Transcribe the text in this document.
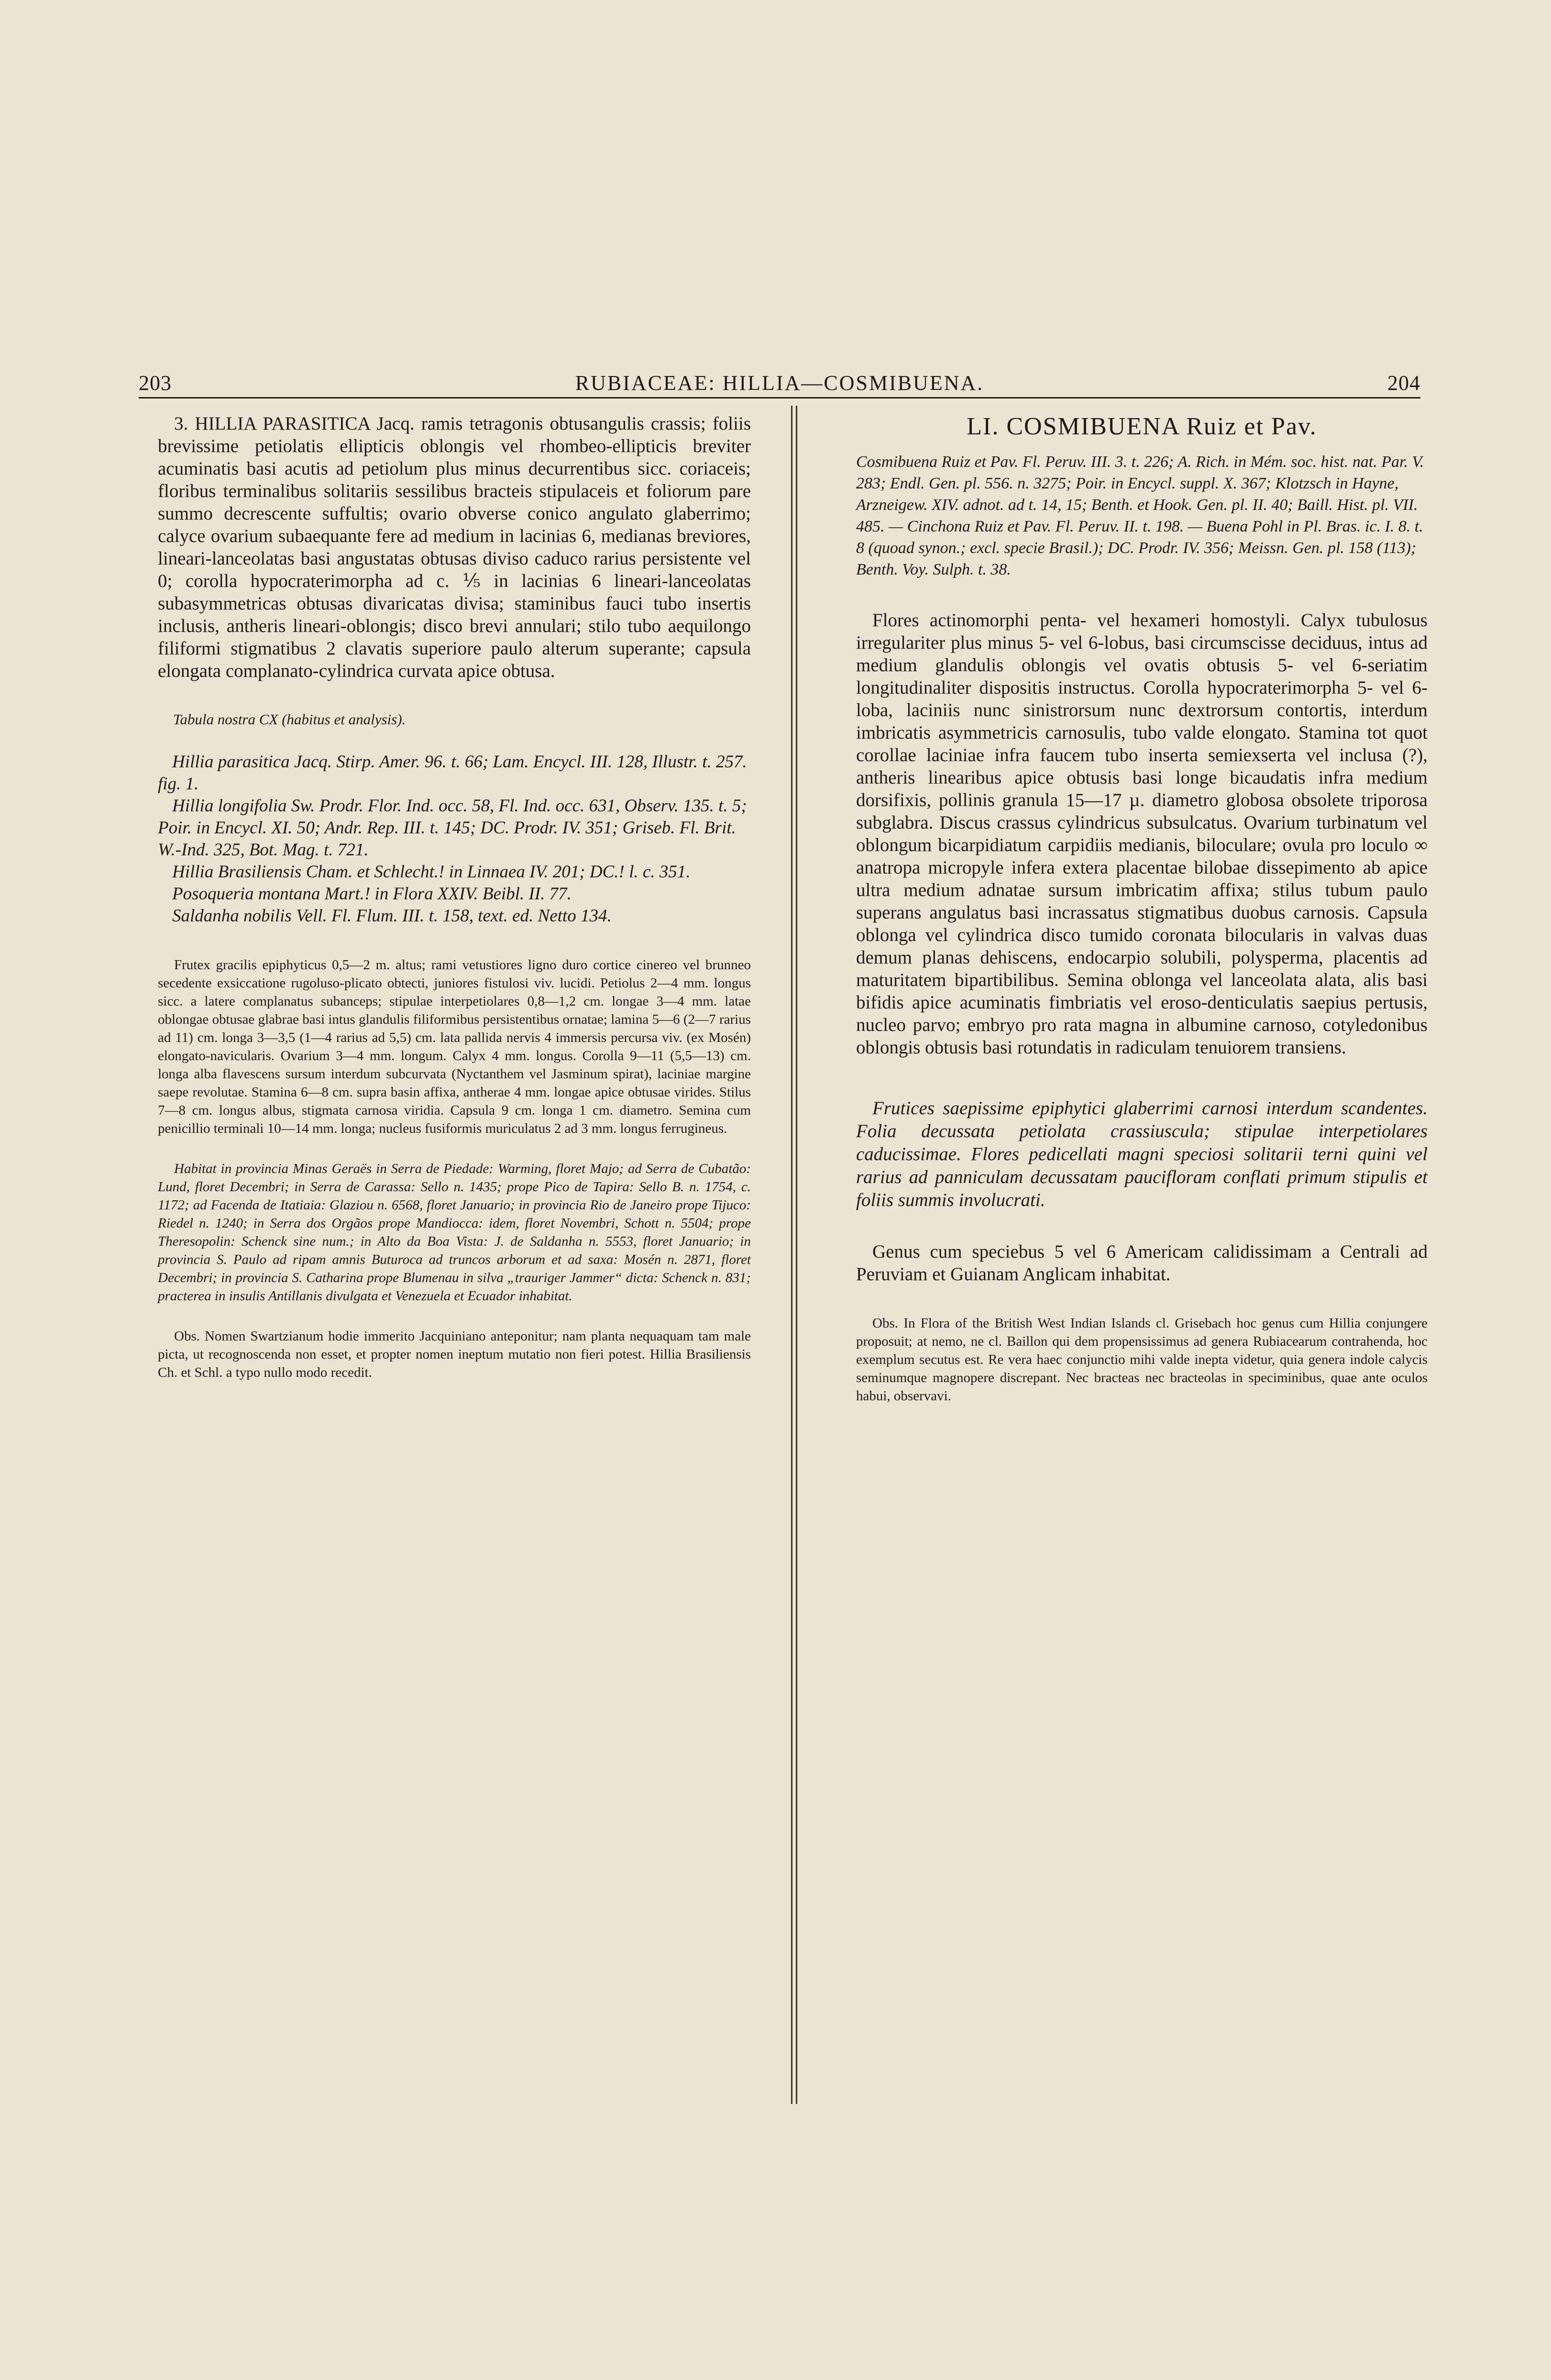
203	RUBIACEAE: HILLIA—COSMIBUENA.	204

3. HILLIA PARASITICA Jacq. ramis tetragonis obtusangulis crassis; foliis brevissime petiolatis ellipticis oblongis vel rhombeo-ellipticis breviter acuminatis basi acutis ad petiolum plus minus decurrentibus sicc. coriaceis; floribus terminalibus solitariis sessilibus bracteis stipulaceis et foliorum pare summo decrescente suffultis; ovario obverse conico angulato glaberrimo; calyce ovarium subaequante fere ad medium in lacinias 6, medianas breviores, lineari-lanceolatas basi angustatas obtusas diviso caduco rarius persistente vel 0; corolla hypocraterimorpha ad c. ⅕ in lacinias 6 lineari-lanceolatas subasymmetricas obtusas divaricatas divisa; staminibus fauci tubo insertis inclusis, antheris lineari-oblongis; disco brevi annulari; stilo tubo aequilongo filiformi stigmatibus 2 clavatis superiore paulo alterum superante; capsula elongata complanato-cylindrica curvata apice obtusa.

Tabula nostra CX (habitus et analysis).

Hillia parasitica Jacq. Stirp. Amer. 96. t. 66; Lam. Encycl. III. 128, Illustr. t. 257. fig. 1.

Hillia longifolia Sw. Prodr. Flor. Ind. occ. 58, Fl. Ind. occ. 631, Observ. 135. t. 5; Poir. in Encycl. XI. 50; Andr. Rep. III. t. 145; DC. Prodr. IV. 351; Griseb. Fl. Brit. W.-Ind. 325, Bot. Mag. t. 721.

Hillia Brasiliensis Cham. et Schlecht.! in Linnaea IV. 201; DC.! l. c. 351.

Posoqueria montana Mart.! in Flora XXIV. Beibl. II. 77.

Saldanha nobilis Vell. Fl. Flum. III. t. 158, text. ed. Netto 134.

Frutex gracilis epiphyticus 0,5—2 m. altus; rami vetustiores ligno duro cortice cinereo vel brunneo secedente exsiccatione rugoluso-plicato obtecti, juniores fistulosi viv. lucidi. Petiolus 2—4 mm. longus sicc. a latere complanatus subanceps; stipulae interpetiolares 0,8—1,2 cm. longae 3—4 mm. latae oblongae obtusae glabrae basi intus glandulis filiformibus persistentibus ornatae; lamina 5—6 (2—7 rarius ad 11) cm. longa 3—3,5 (1—4 rarius ad 5,5) cm. lata pallida nervis 4 immersis percursa viv. (ex Mosén) elongato-navicularis. Ovarium 3—4 mm. longum. Calyx 4 mm. longus. Corolla 9—11 (5,5—13) cm. longa alba flavescens sursum interdum subcurvata (Nyctanthem vel Jasminum spirat), laciniae margine saepe revolutae. Stamina 6—8 cm. supra basin affixa, antherae 4 mm. longae apice obtusae virides. Stilus 7—8 cm. longus albus, stigmata carnosa viridia. Capsula 9 cm. longa 1 cm. diametro. Semina cum penicillio terminali 10—14 mm. longa; nucleus fusiformis muriculatus 2 ad 3 mm. longus ferrugineus.

Habitat in provincia Minas Geraës in Serra de Piedade: Warming, floret Majo; ad Serra de Cubatão: Lund, floret Decembri; in Serra de Carassa: Sello n. 1435; prope Pico de Tapira: Sello B. n. 1754, c. 1172; ad Facenda de Itatiaia: Glaziou n. 6568, floret Januario; in provincia Rio de Janeiro prope Tijuco: Riedel n. 1240; in Serra dos Orgãos prope Mandiocca: idem, floret Novembri, Schott n. 5504; prope Theresopolin: Schenck sine num.; in Alto da Boa Vista: J. de Saldanha n. 5553, floret Januario; in provincia S. Paulo ad ripam amnis Buturoca ad truncos arborum et ad saxa: Mosén n. 2871, floret Decembri; in provincia S. Catharina prope Blumenau in silva „trauriger Jammer“ dicta: Schenck n. 831; practerea in insulis Antillanis divulgata et Venezuela et Ecuador inhabitat.

Obs. Nomen Swartzianum hodie immerito Jacquiniano anteponitur; nam planta nequaquam tam male picta, ut recognoscenda non esset, et propter nomen ineptum mutatio non fieri potest. Hillia Brasiliensis Ch. et Schl. a typo nullo modo recedit.

LI. COSMIBUENA Ruiz et Pav.

Cosmibuena Ruiz et Pav. Fl. Peruv. III. 3. t. 226; A. Rich. in Mém. soc. hist. nat. Par. V. 283; Endl. Gen. pl. 556. n. 3275; Poir. in Encycl. suppl. X. 367; Klotzsch in Hayne, Arzneigew. XIV. adnot. ad t. 14, 15; Benth. et Hook. Gen. pl. II. 40; Baill. Hist. pl. VII. 485. — Cinchona Ruiz et Pav. Fl. Peruv. II. t. 198. — Buena Pohl in Pl. Bras. ic. I. 8. t. 8 (quoad synon.; excl. specie Brasil.); DC. Prodr. IV. 356; Meissn. Gen. pl. 158 (113); Benth. Voy. Sulph. t. 38.

Flores actinomorphi penta- vel hexameri homostyli. Calyx tubulosus irregulariter plus minus 5- vel 6-lobus, basi circumscisse deciduus, intus ad medium glandulis oblongis vel ovatis obtusis 5- vel 6-seriatim longitudinaliter dispositis instructus. Corolla hypocraterimorpha 5- vel 6-loba, laciniis nunc sinistrorsum nunc dextrorsum contortis, interdum imbricatis asymmetricis carnosulis, tubo valde elongato. Stamina tot quot corollae laciniae infra faucem tubo inserta semiexserta vel inclusa (?), antheris linearibus apice obtusis basi longe bicaudatis infra medium dorsifixis, pollinis granula 15—17 µ. diametro globosa obsolete triporosa subglabra. Discus crassus cylindricus subsulcatus. Ovarium turbinatum vel oblongum bicarpidiatum carpidiis medianis, biloculare; ovula pro loculo ∞ anatropa micropyle infera extera placentae bilobae dissepimento ab apice ultra medium adnatae sursum imbricatim affixa; stilus tubum paulo superans angulatus basi incrassatus stigmatibus duobus carnosis. Capsula oblonga vel cylindrica disco tumido coronata bilocularis in valvas duas demum planas dehiscens, endocarpio solubili, polysperma, placentis ad maturitatem bipartibilibus. Semina oblonga vel lanceolata alata, alis basi bifidis apice acuminatis fimbriatis vel eroso-denticulatis saepius pertusis, nucleo parvo; embryo pro rata magna in albumine carnoso, cotyledonibus oblongis obtusis basi rotundatis in radiculam tenuiorem transiens.

Frutices saepissime epiphytici glaberrimi carnosi interdum scandentes. Folia decussata petiolata crassiuscula; stipulae interpetiolares caducissimae. Flores pedicellati magni speciosi solitarii terni quini vel rarius ad panniculam decussatam paucifloram conflati primum stipulis et foliis summis involucrati.

Genus cum speciebus 5 vel 6 Americam calidissimam a Centrali ad Peruviam et Guianam Anglicam inhabitat.

Obs. In Flora of the British West Indian Islands cl. Grisebach hoc genus cum Hillia conjungere proposuit; at nemo, ne cl. Baillon qui dem propensissimus ad genera Rubiacearum contrahenda, hoc exemplum secutus est. Re vera haec conjunctio mihi valde inepta videtur, quia genera indole calycis seminumque magnopere discrepant. Nec bracteas nec bracteolas in speciminibus, quae ante oculos habui, observavi.
